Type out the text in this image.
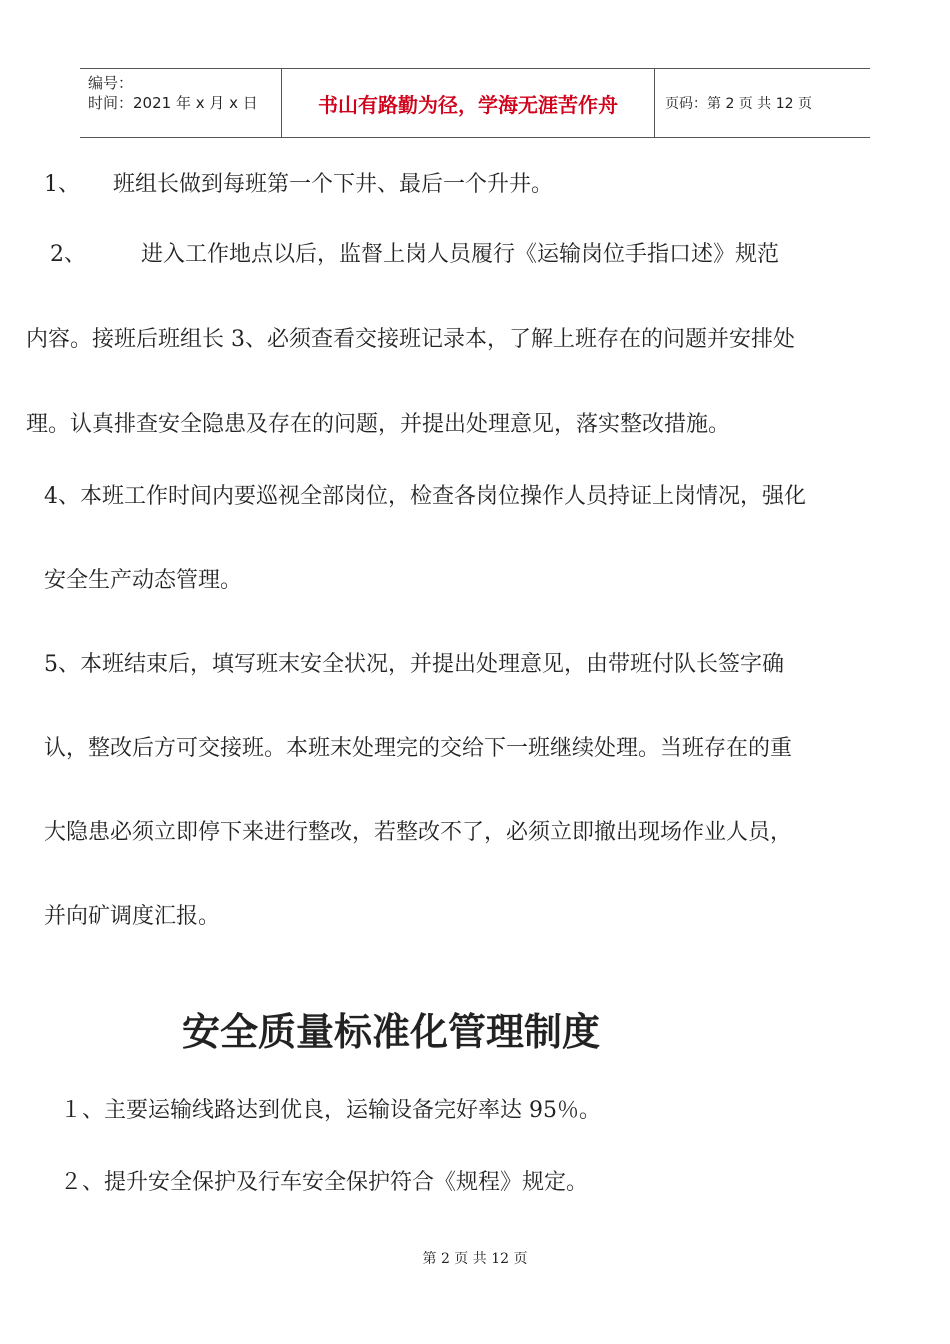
编号：
时间：2021 年 x 月 x 日	书山有路勤为径，学海无涯苦作舟	页码：第 2 页 共 12 页
1、　　班组长做到每班第一个下井、最后一个升井。
2、　　　进入工作地点以后，监督上岗人员履行《运输岗位手指口述》规范
内容。接班后班组长 3、必须查看交接班记录本，了解上班存在的问题并安排处
理。认真排查安全隐患及存在的问题，并提出处理意见，落实整改措施。
4、本班工作时间内要巡视全部岗位，检查各岗位操作人员持证上岗情况，强化
安全生产动态管理。
5、本班结束后，填写班末安全状况，并提出处理意见，由带班付队长签字确
认，整改后方可交接班。本班末处理完的交给下一班继续处理。当班存在的重
大隐患必须立即停下来进行整改，若整改不了，必须立即撤出现场作业人员，
并向矿调度汇报。
安全质量标准化管理制度
１、主要运输线路达到优良，运输设备完好率达 95％。
２、提升安全保护及行车安全保护符合《规程》规定。
第 2 页 共 12 页
